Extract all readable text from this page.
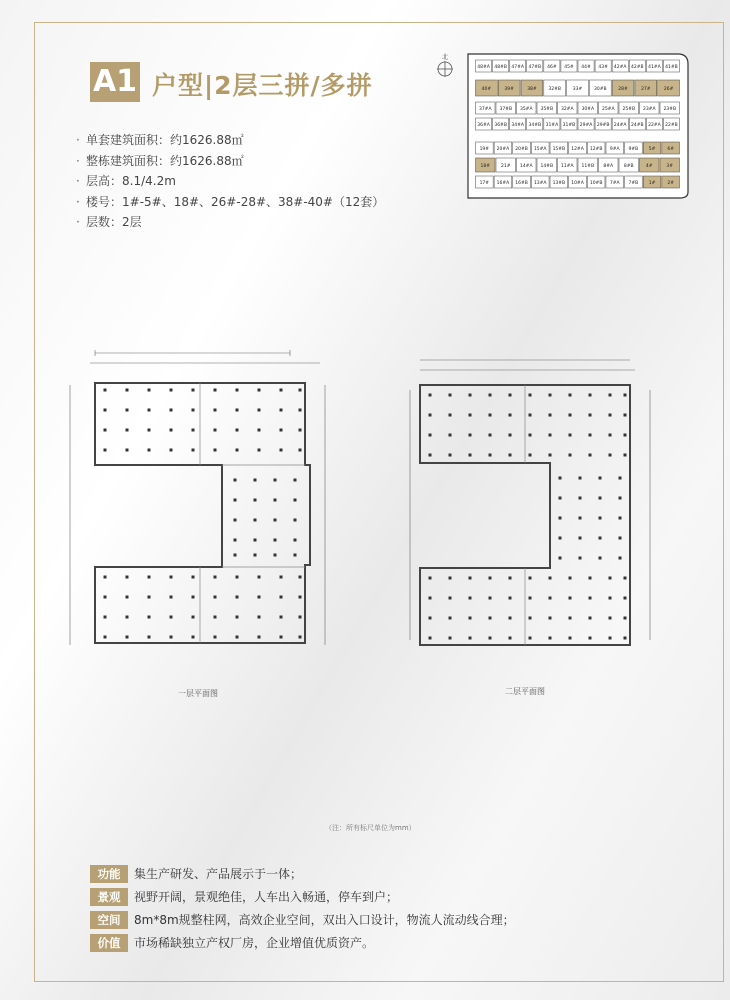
A1 户型|2层三拼/多拼
· 单套建筑面积：约1626.88㎡
· 整栋建筑面积：约1626.88㎡
· 层高：8.1/4.2m
· 楼号：1#-5#、18#、26#-28#、38#-40#（12套）
· 层数：2层
北
48#A 48#B 47#A 47#B 46# 45# 44# 43# 42#A 42#B 41#A 41#B
40#	39#	38#	32#B	33#	30#B	28#	27#	26#
37#A 37#B 35#A 35#B 32#A 30#A 25#A 25#B 23#A 23#B
36#A 36#B 34#A 34#B 31#A 31#B 29#A 29#B 24#A 24#B 22#A 22#B
19# 20#A 20#B 15#A 15#B 12#A 12#B 9#A 9#B 5#	6#
18# 21# 14#A 14#B 11#A 11#B 8#A 8#B	4#	3#
17# 16#A 16#B 13#A 13#B 10#A 10#B 7#A 7#B 1#	2#
一层平面图	二层平面图
（注：所有标尺单位为mm）
功能	集生产研发、产品展示于一体；
景观	视野开阔，景观绝佳，人车出入畅通，停车到户；
空间	8m*8m规整柱网，高效企业空间，双出入口设计，物流人流动线合理；
价值	市场稀缺独立产权厂房，企业增值优质资产。
